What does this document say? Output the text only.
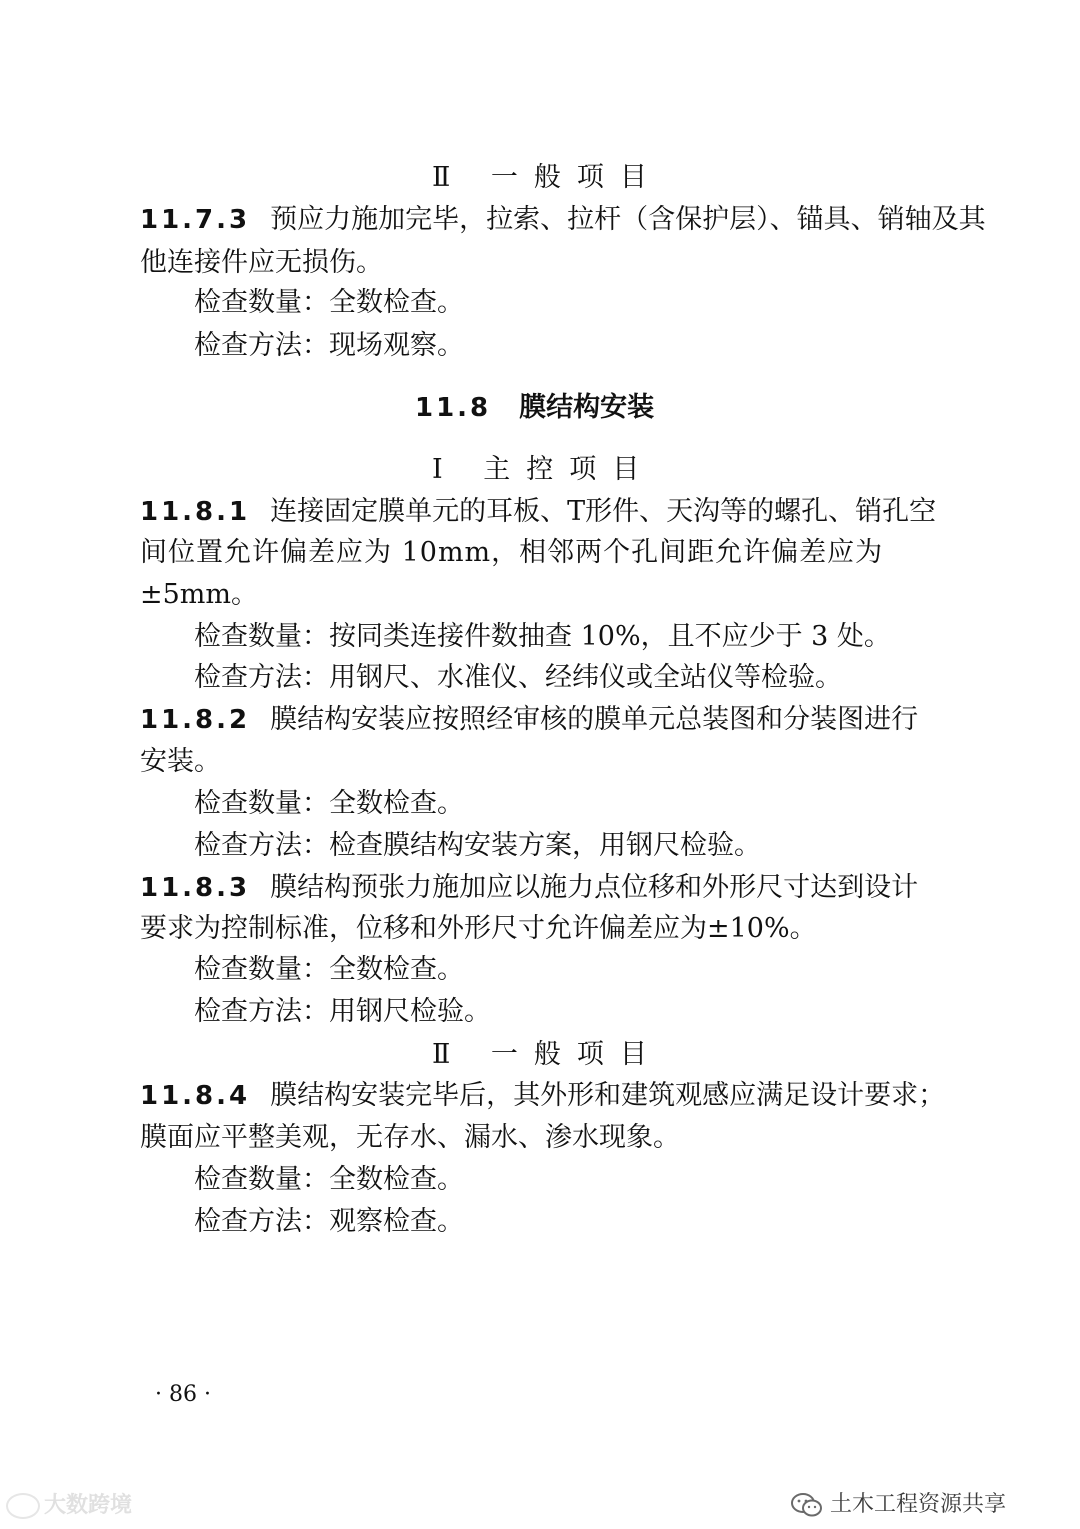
Ⅱ 一般项目
11.7.3 预应力施加完毕，拉索、拉杆（含保护层）、锚具、销轴及其
他连接件应无损伤。
检查数量：全数检查。
检查方法：现场观察。
11.8 膜结构安装
Ⅰ 主控项目
11.8.1 连接固定膜单元的耳板、T形件、天沟等的螺孔、销孔空
间位置允许偏差应为 10mm，相邻两个孔间距允许偏差应为
±5mm。
检查数量：按同类连接件数抽查 10%，且不应少于 3 处。
检查方法：用钢尺、水准仪、经纬仪或全站仪等检验。
11.8.2 膜结构安装应按照经审核的膜单元总装图和分装图进行
安装。
检查数量：全数检查。
检查方法：检查膜结构安装方案，用钢尺检验。
11.8.3 膜结构预张力施加应以施力点位移和外形尺寸达到设计
要求为控制标准，位移和外形尺寸允许偏差应为±10%。
检查数量：全数检查。
检查方法：用钢尺检验。
Ⅱ 一般项目
11.8.4 膜结构安装完毕后，其外形和建筑观感应满足设计要求；
膜面应平整美观，无存水、漏水、渗水现象。
检查数量：全数检查。
检查方法：观察检查。
· 86 ·
大数跨境	土木工程资源共享
